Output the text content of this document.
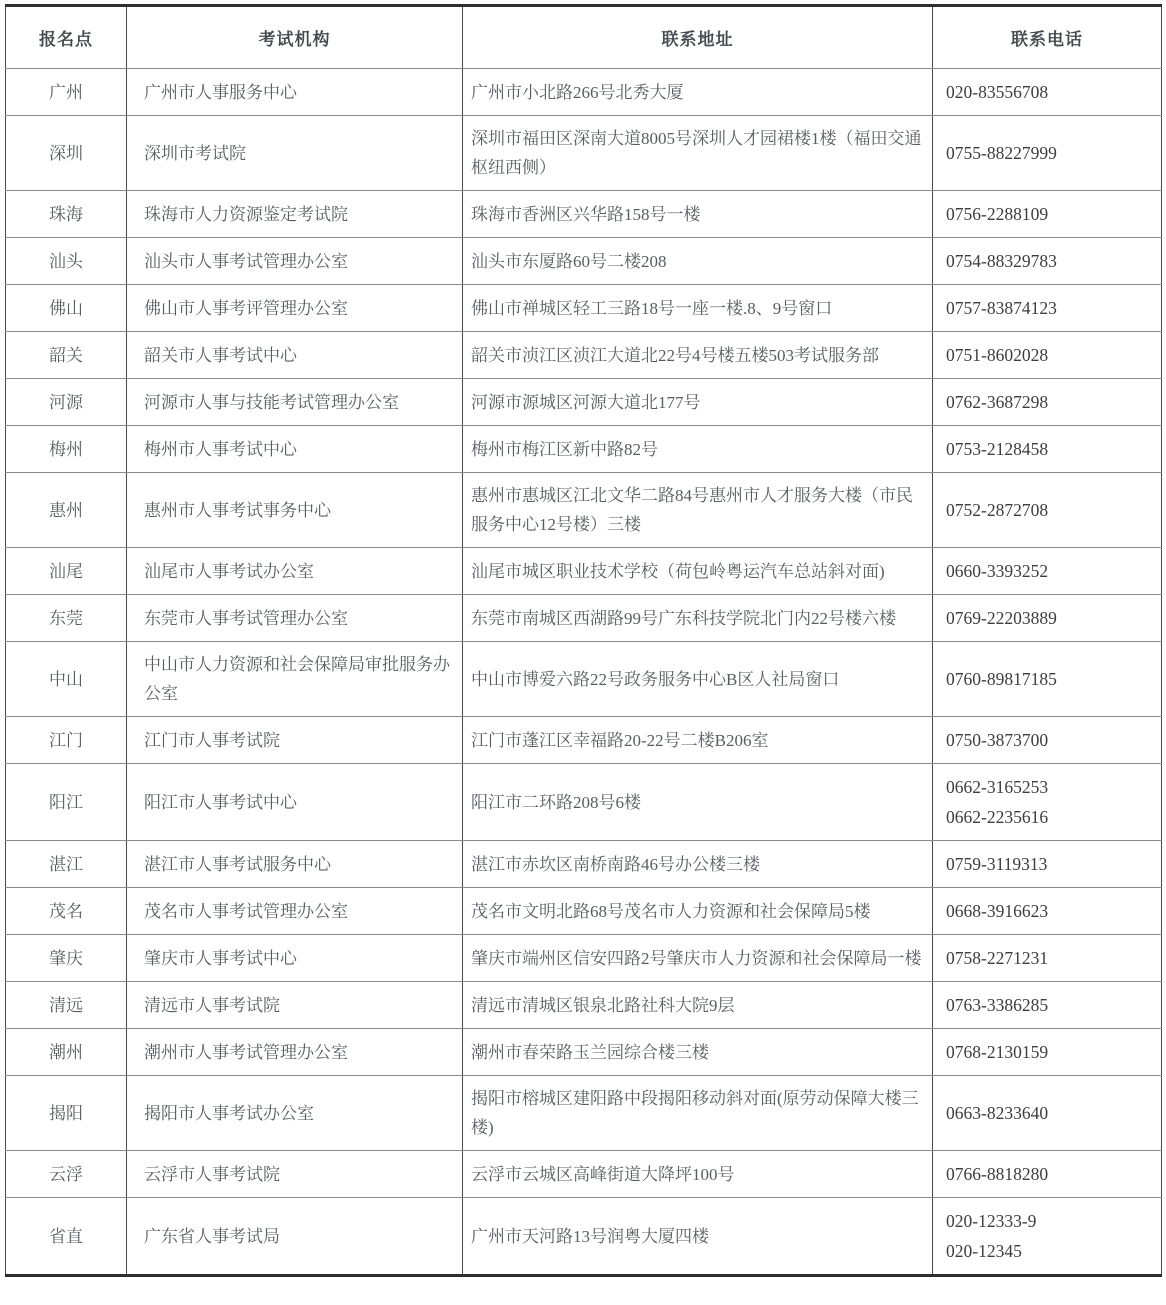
报名点	考试机构	联系地址	联系电话
广州	广州市人事服务中心	广州市小北路266号北秀大厦	020-83556708

深圳	深圳市考试院	深圳市福田区深南大道8005号深圳人才园裙楼1楼（福田交通枢纽西侧）	0755-88227999

珠海	珠海市人力资源鉴定考试院	珠海市香洲区兴华路158号一楼	0756-2288109

汕头	汕头市人事考试管理办公室	汕头市东厦路60号二楼208	0754-88329783

佛山	佛山市人事考评管理办公室	佛山市禅城区轻工三路18号一座一楼.8、9号窗口	0757-83874123

韶关	韶关市人事考试中心	韶关市浈江区浈江大道北22号4号楼五楼503考试服务部	0751-8602028

河源	河源市人事与技能考试管理办公室	河源市源城区河源大道北177号	0762-3687298

梅州	梅州市人事考试中心	梅州市梅江区新中路82号	0753-2128458

惠州	惠州市人事考试事务中心	惠州市惠城区江北文华二路84号惠州市人才服务大楼（市民服务中心12号楼）三楼	0752-2872708

汕尾	汕尾市人事考试办公室	汕尾市城区职业技术学校（荷包岭粤运汽车总站斜对面)	0660-3393252

东莞	东莞市人事考试管理办公室	东莞市南城区西湖路99号广东科技学院北门内22号楼六楼	0769-22203889

中山	中山市人力资源和社会保障局审批服务办公室	中山市博爱六路22号政务服务中心B区人社局窗口	0760-89817185

江门	江门市人事考试院	江门市蓬江区幸福路20-22号二楼B206室	0750-3873700

阳江	阳江市人事考试中心	阳江市二环路208号6楼	0662-3165253
0662-2235616

湛江	湛江市人事考试服务中心	湛江市赤坎区南桥南路46号办公楼三楼	0759-3119313

茂名	茂名市人事考试管理办公室	茂名市文明北路68号茂名市人力资源和社会保障局5楼	0668-3916623

肇庆	肇庆市人事考试中心	肇庆市端州区信安四路2号肇庆市人力资源和社会保障局一楼	0758-2271231

清远	清远市人事考试院	清远市清城区银泉北路社科大院9层	0763-3386285

潮州	潮州市人事考试管理办公室	潮州市春荣路玉兰园综合楼三楼	0768-2130159

揭阳	揭阳市人事考试办公室	揭阳市榕城区建阳路中段揭阳移动斜对面(原劳动保障大楼三楼)	0663-8233640

云浮	云浮市人事考试院	云浮市云城区高峰街道大降坪100号	0766-8818280

省直	广东省人事考试局	广州市天河路13号润粤大厦四楼	020-12333-9
020-12345
